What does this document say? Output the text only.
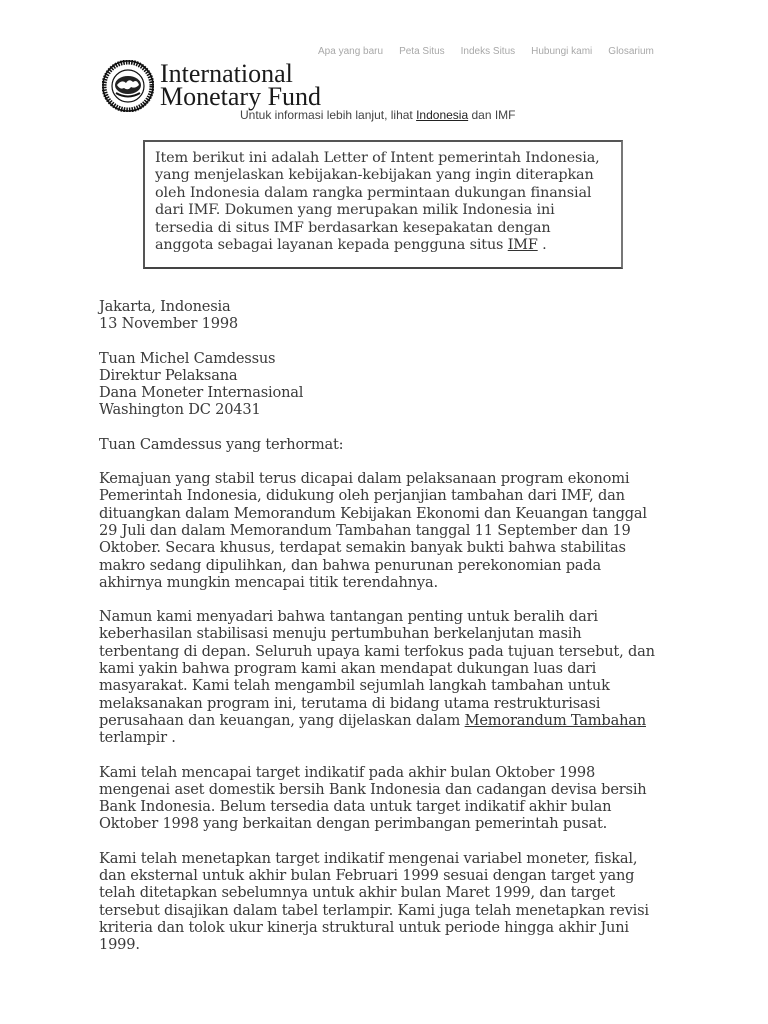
Apa yang baru Peta Situs Indeks Situs Hubungi kami Glosarium
International
Monetary Fund
Untuk informasi lebih lanjut, lihat Indonesia dan IMF
Item berikut ini adalah Letter of Intent pemerintah Indonesia,
yang menjelaskan kebijakan-kebijakan yang ingin diterapkan
oleh Indonesia dalam rangka permintaan dukungan finansial
dari IMF. Dokumen yang merupakan milik Indonesia ini
tersedia di situs IMF berdasarkan kesepakatan dengan
anggota sebagai layanan kepada pengguna situs IMF .

Jakarta, Indonesia
13 November 1998

Tuan Michel Camdessus
Direktur Pelaksana
Dana Moneter Internasional
Washington DC 20431

Tuan Camdessus yang terhormat:

Kemajuan yang stabil terus dicapai dalam pelaksanaan program ekonomi
Pemerintah Indonesia, didukung oleh perjanjian tambahan dari IMF, dan
dituangkan dalam Memorandum Kebijakan Ekonomi dan Keuangan tanggal
29 Juli dan dalam Memorandum Tambahan tanggal 11 September dan 19
Oktober. Secara khusus, terdapat semakin banyak bukti bahwa stabilitas
makro sedang dipulihkan, dan bahwa penurunan perekonomian pada
akhirnya mungkin mencapai titik terendahnya.

Namun kami menyadari bahwa tantangan penting untuk beralih dari
keberhasilan stabilisasi menuju pertumbuhan berkelanjutan masih
terbentang di depan. Seluruh upaya kami terfokus pada tujuan tersebut, dan
kami yakin bahwa program kami akan mendapat dukungan luas dari
masyarakat. Kami telah mengambil sejumlah langkah tambahan untuk
melaksanakan program ini, terutama di bidang utama restrukturisasi
perusahaan dan keuangan, yang dijelaskan dalam Memorandum Tambahan
terlampir .

Kami telah mencapai target indikatif pada akhir bulan Oktober 1998
mengenai aset domestik bersih Bank Indonesia dan cadangan devisa bersih
Bank Indonesia. Belum tersedia data untuk target indikatif akhir bulan
Oktober 1998 yang berkaitan dengan perimbangan pemerintah pusat.

Kami telah menetapkan target indikatif mengenai variabel moneter, fiskal,
dan eksternal untuk akhir bulan Februari 1999 sesuai dengan target yang
telah ditetapkan sebelumnya untuk akhir bulan Maret 1999, dan target
tersebut disajikan dalam tabel terlampir. Kami juga telah menetapkan revisi
kriteria dan tolok ukur kinerja struktural untuk periode hingga akhir Juni
1999.
